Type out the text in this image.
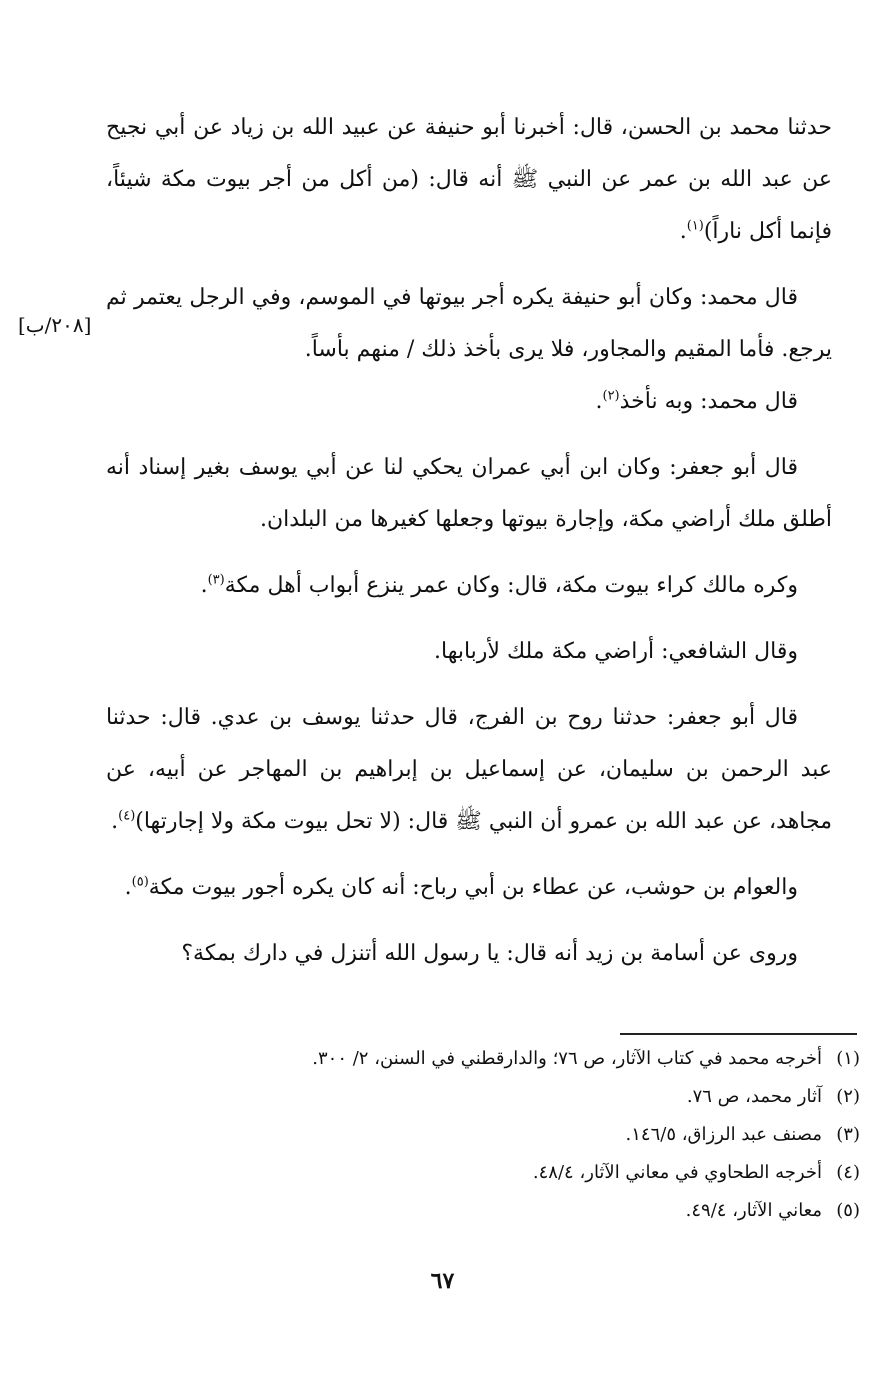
حدثنا محمد بن الحسن، قال: أخبرنا أبو حنيفة عن عبيد الله بن زياد عن أبي نجيح عن عبد الله بن عمر عن النبي ﷺ أنه قال: (من أكل من أجر بيوت مكة شيئاً، فإنما أكل ناراً)$^{(١)}$.

قال محمد: وكان أبو حنيفة يكره أجر بيوتها في الموسم، وفي الرجل يعتمر ثم يرجع. فأما المقيم والمجاور، فلا يرى بأخذ ذلك / منهم بأساً.

قال محمد: وبه نأخذ$^{(٢)}$.

قال أبو جعفر: وكان ابن أبي عمران يحكي لنا عن أبي يوسف بغير إسناد أنه أطلق ملك أراضي مكة، وإجارة بيوتها وجعلها كغيرها من البلدان.

وكره مالك كراء بيوت مكة، قال: وكان عمر ينزع أبواب أهل مكة$^{(٣)}$.

وقال الشافعي: أراضي مكة ملك لأربابها.

قال أبو جعفر: حدثنا روح بن الفرج، قال حدثنا يوسف بن عدي. قال: حدثنا عبد الرحمن بن سليمان، عن إسماعيل بن إبراهيم بن المهاجر عن أبيه، عن مجاهد، عن عبد الله بن عمرو أن النبي ﷺ قال: (لا تحل بيوت مكة ولا إجارتها)$^{(٤)}$.

والعوام بن حوشب، عن عطاء بن أبي رباح: أنه كان يكره أجور بيوت مكة$^{(٥)}$.

وروى عن أسامة بن زيد أنه قال: يا رسول الله أتنزل في دارك بمكة؟

[٢٠٨/ب]
(١)
أخرجه محمد في كتاب الآثار، ص ٧٦؛ والدارقطني في السنن، ٢/ ٣٠٠.
(٢)
آثار محمد، ص ٧٦.
(٣)
مصنف عبد الرزاق، ١٤٦/٥.
(٤)
أخرجه الطحاوي في معاني الآثار، ٤٨/٤.
(٥)
معاني الآثار، ٤٩/٤.
٦٧
